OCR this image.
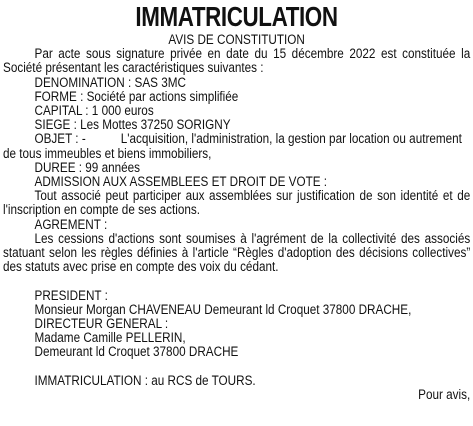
IMMATRICULATION
AVIS DE CONSTITUTION
Par acte sous signature privée en date du 15 décembre 2022 est constituée la
Société présentant les caractéristiques suivantes :
DENOMINATION : SAS 3MC
FORME : Société par actions simplifiée
CAPITAL : 1 000 euros
SIEGE : Les Mottes 37250 SORIGNY
OBJET : -	L'acquisition, l'administration, la gestion par location ou autrement
de tous immeubles et biens immobiliers,
DUREE : 99 années
ADMISSION AUX ASSEMBLEES ET DROIT DE VOTE :
Tout associé peut participer aux assemblées sur justification de son identité et de
l'inscription en compte de ses actions.
AGREMENT :
Les cessions d'actions sont soumises à l'agrément de la collectivité des associés
statuant selon les règles définies à l'article “Règles d'adoption des décisions collectives”
des statuts avec prise en compte des voix du cédant.
PRESIDENT :
Monsieur Morgan CHAVENEAU Demeurant ld Croquet 37800 DRACHE,
DIRECTEUR GENERAL :
Madame Camille PELLERIN,
Demeurant ld Croquet 37800 DRACHE
IMMATRICULATION : au RCS de TOURS.
Pour avis,
